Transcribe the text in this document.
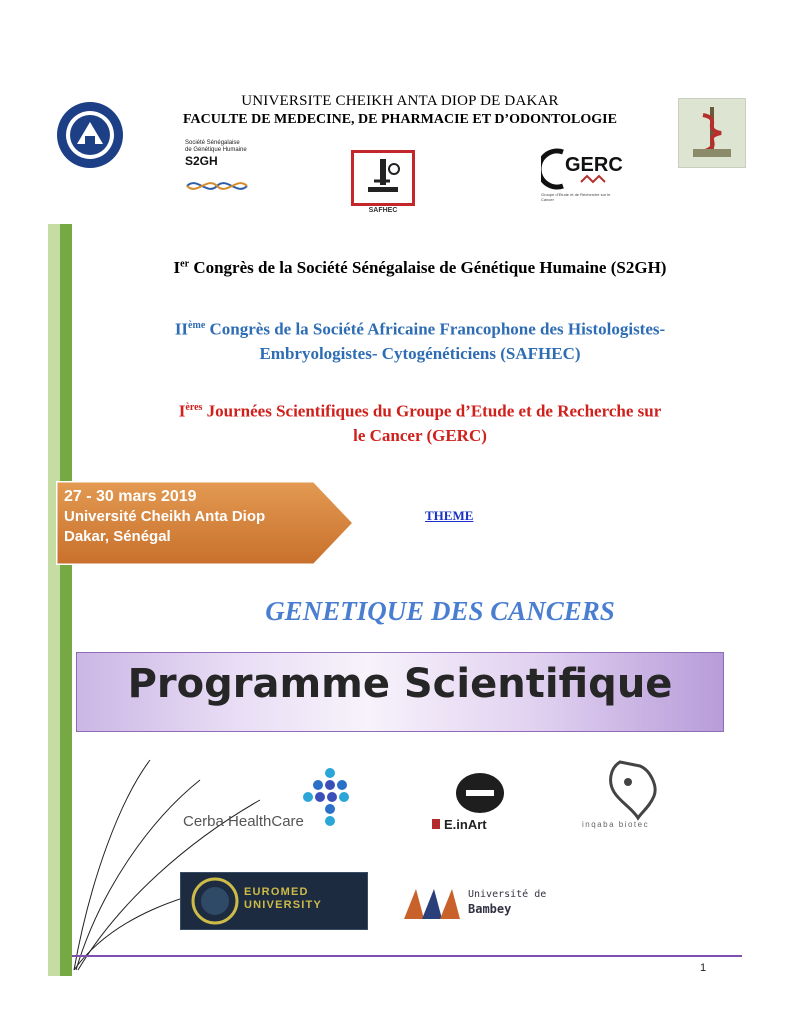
UNIVERSITE CHEIKH ANTA DIOP DE DAKAR
FACULTE DE MEDECINE, DE PHARMACIE ET D’ODONTOLOGIE
Société Sénégalaise de Génétique Humaine
S2GH
SAFHEC
GERC
Groupe d’Etude et de Recherche sur le Cancer
Ier Congrès de la Société Sénégalaise de Génétique Humaine (S2GH)
IIème Congrès de la Société Africaine Francophone des Histologistes-
Embryologistes- Cytogénéticiens (SAFHEC)
Ières Journées Scientifiques du Groupe d’Etude et de Recherche sur
le Cancer (GERC)
27 - 30 mars 2019
Université Cheikh Anta Diop
Dakar, Sénégal
THEME
GENETIQUE DES CANCERS
Programme Scientifique
Cerba HealthCare	E.inArt	inqaba biotec
EUROMED
UNIVERSITY
Université de
Bambey
1
